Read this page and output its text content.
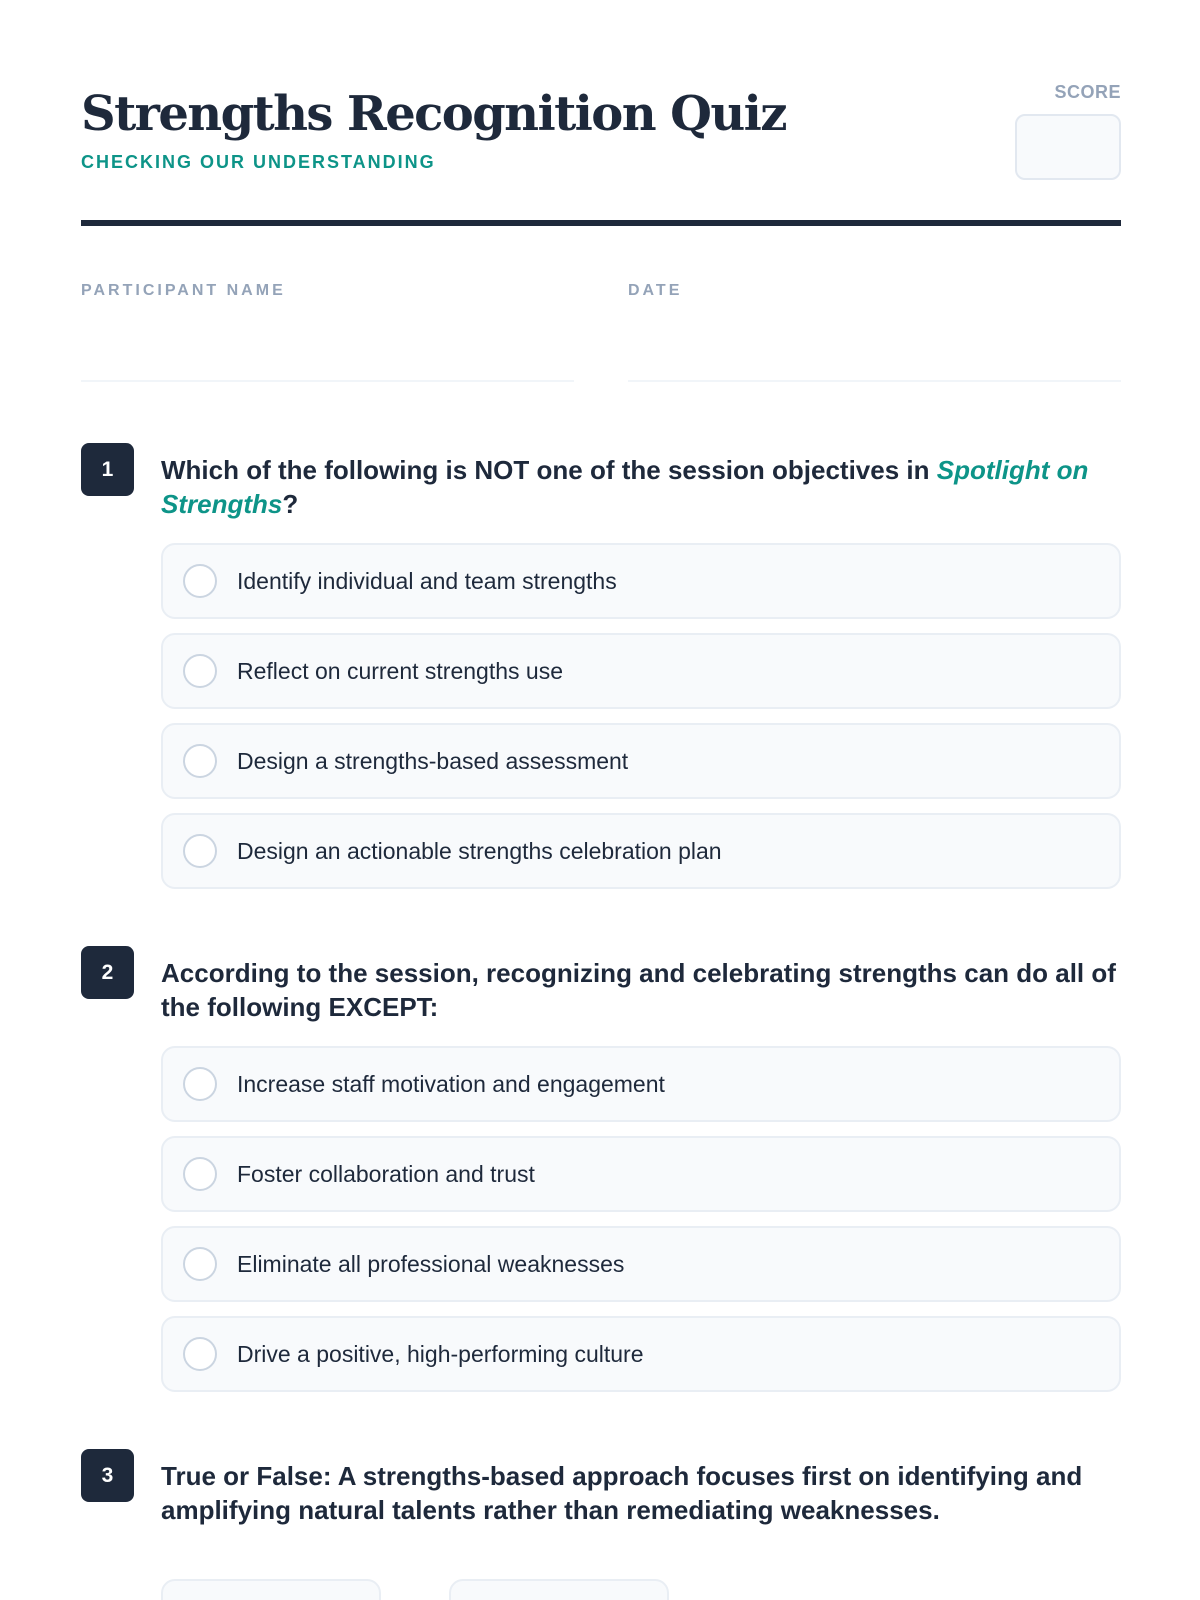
Strengths Recognition Quiz
CHECKING OUR UNDERSTANDING
SCORE
PARTICIPANT NAME	DATE
1	Which of the following is NOT one of the session objectives in Spotlight on Strengths?
Identify individual and team strengths
Reflect on current strengths use
Design a strengths-based assessment
Design an actionable strengths celebration plan
2	According to the session, recognizing and celebrating strengths can do all of the following EXCEPT:
Increase staff motivation and engagement
Foster collaboration and trust
Eliminate all professional weaknesses
Drive a positive, high-performing culture
3	True or False: A strengths-based approach focuses first on identifying and amplifying natural talents rather than remediating weaknesses.
